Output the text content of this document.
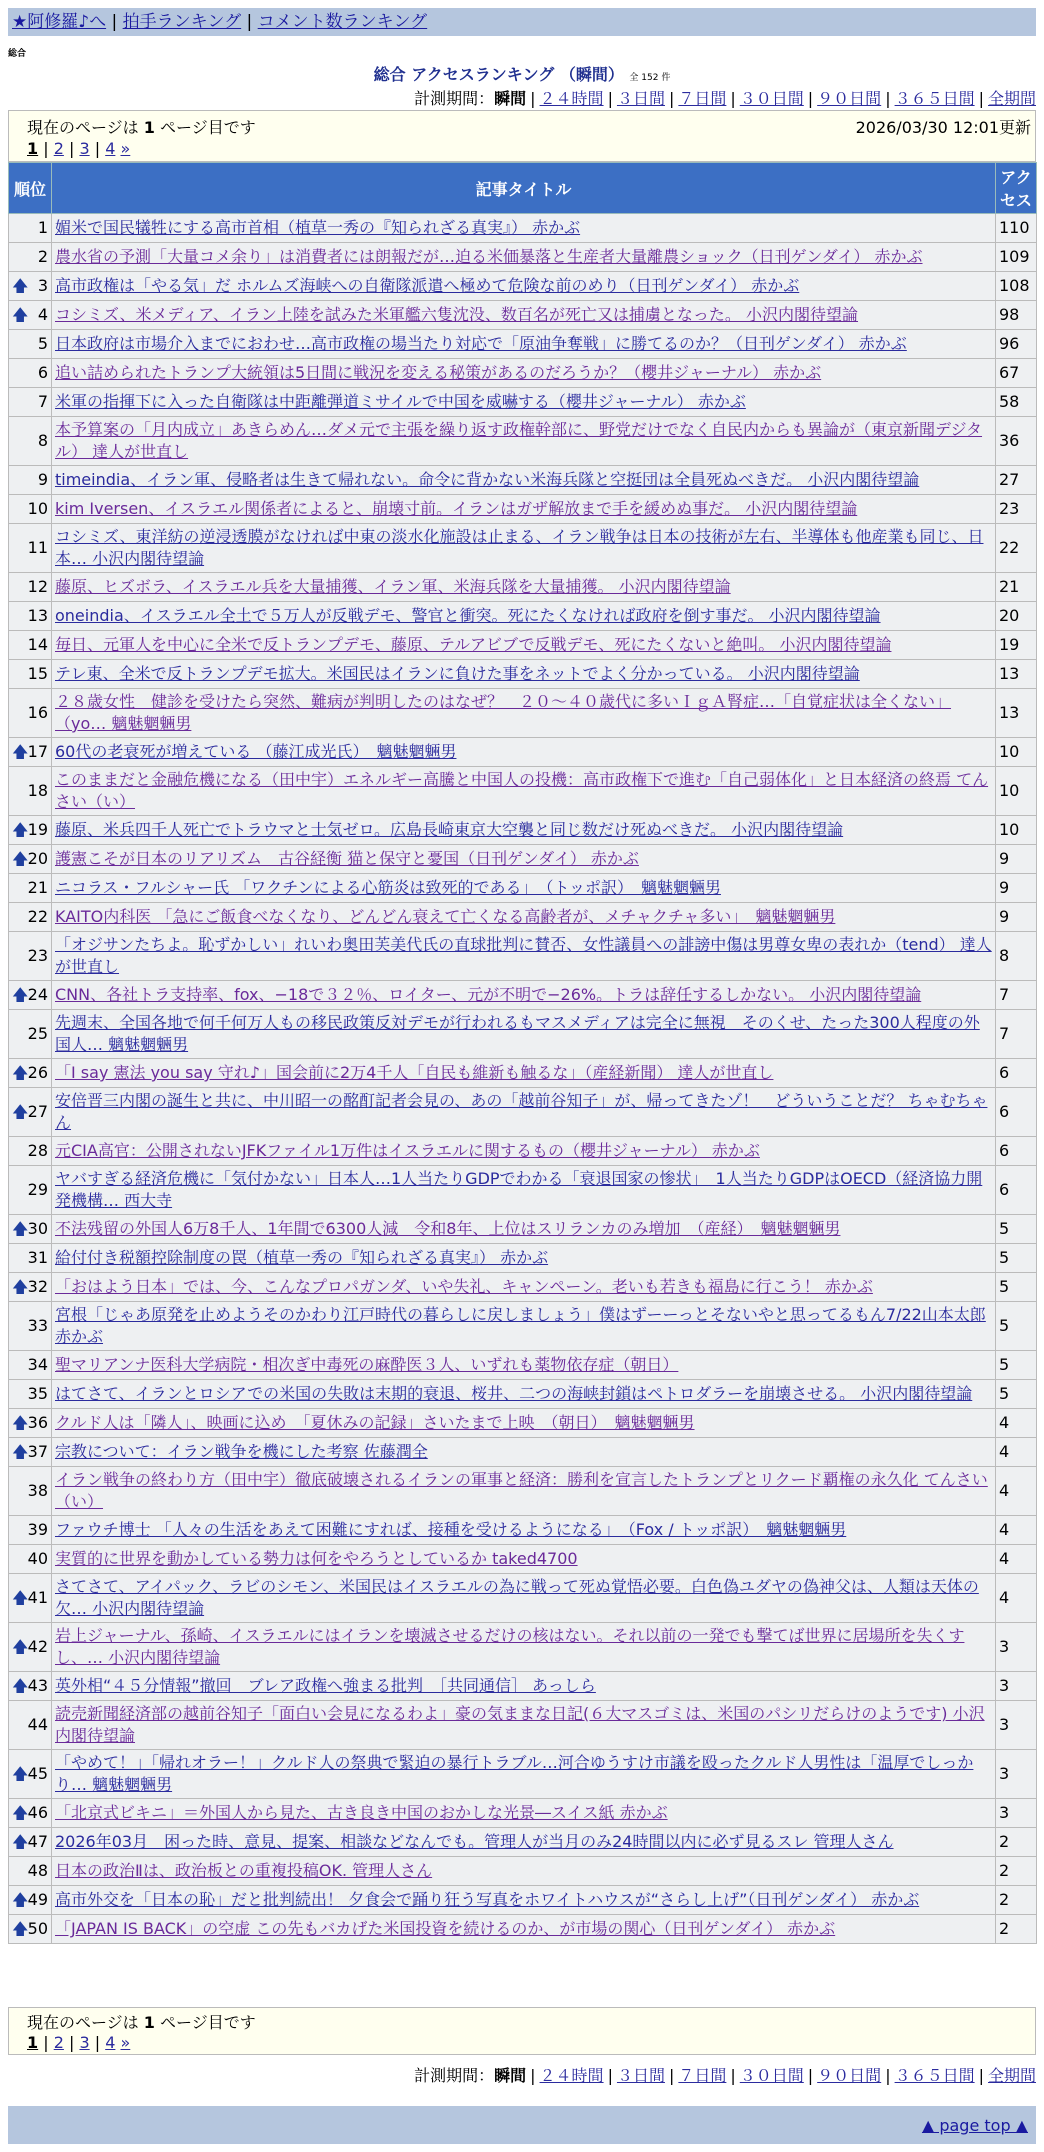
★阿修羅♪へ | 拍手ランキング | コメント数ランキング
総合
総合 アクセスランキング （瞬間） 全 152 件
計測期間：瞬間 | ２４時間 | ３日間 | ７日間 | ３０日間 | ９０日間 | ３６５日間 | 全期間
現在のページは 1 ページ目です	2026/03/30 12:01更新
1 | 2 | 3 | 4 »
順位	記事タイトル	アクセス
1	媚米で国民犠牲にする高市首相（植草一秀の『知られざる真実』） 赤かぶ	110
2	農水省の予測「大量コメ余り」は消費者には朗報だが…迫る米価暴落と生産者大量離農ショック（日刊ゲンダイ） 赤かぶ	109

🡅 3	高市政権は「やる気」だ ホルムズ海峡への自衛隊派遣へ極めて危険な前のめり（日刊ゲンダイ） 赤かぶ	108

🡅 4	コシミズ、米メディア、イラン上陸を試みた米軍艦六隻沈没、数百名が死亡又は捕虜となった。 小沢内閣待望論	98
5	日本政府は市場介入までにおわせ…高市政権の場当たり対応で「原油争奪戦」に勝てるのか？（日刊ゲンダイ） 赤かぶ	96
6	追い詰められたトランプ大統領は5日間に戦況を変える秘策があるのだろうか？（櫻井ジャーナル） 赤かぶ	67
7	米軍の指揮下に入った自衛隊は中距離弾道ミサイルで中国を威嚇する（櫻井ジャーナル） 赤かぶ	58
8	本予算案の「月内成立」あきらめん…ダメ元で主張を繰り返す政権幹部に、野党だけでなく自民内からも異論が（東京新聞デジタル） 達人が世直し	36
9	timeindia、イラン軍、侵略者は生きて帰れない。命令に背かない米海兵隊と空挺団は全員死ぬべきだ。 小沢内閣待望論	27
10	kim Iversen、イスラエル関係者によると、崩壊寸前。イランはガザ解放まで手を緩めぬ事だ。 小沢内閣待望論	23
11	コシミズ、東洋紡の逆浸透膜がなければ中東の淡水化施設は止まる、イラン戦争は日本の技術が左右、半導体も他産業も同じ、日本… 小沢内閣待望論	22
12	藤原、ヒズボラ、イスラエル兵を大量捕獲、イラン軍、米海兵隊を大量捕獲。 小沢内閣待望論	21
13	oneindia、イスラエル全土で５万人が反戦デモ、警官と衝突。死にたくなければ政府を倒す事だ。 小沢内閣待望論	20
14	毎日、元軍人を中心に全米で反トランプデモ、藤原、テルアビブで反戦デモ、死にたくないと絶叫。 小沢内閣待望論	19
15	テレ東、全米で反トランプデモ拡大。米国民はイランに負けた事をネットでよく分かっている。 小沢内閣待望論	13
16	２８歳女性　健診を受けたら突然、難病が判明したのはなぜ？　２０～４０歳代に多いＩｇＡ腎症…「自覚症状は全くない」（yo… 魑魅魍魎男	13

🡅 17	60代の老衰死が増えている （藤江成光氏）　魑魅魍魎男	10
18	このままだと金融危機になる（田中宇）エネルギー高騰と中国人の投機：高市政権下で進む「自己弱体化」と日本経済の終焉 てんさい（い）	10

🡅 19	藤原、米兵四千人死亡でトラウマと士気ゼロ。広島長崎東京大空襲と同じ数だけ死ぬべきだ。 小沢内閣待望論	10

🡅 20	護憲こそが日本のリアリズム　古谷経衡 猫と保守と憂国（日刊ゲンダイ） 赤かぶ	9
21	ニコラス・フルシャー氏 「ワクチンによる心筋炎は致死的である」　（トッポ訳）　魑魅魍魎男	9
22	KAITO内科医 「急にご飯食べなくなり、どんどん衰えて亡くなる高齢者が、メチャクチャ多い」　魑魅魍魎男	9
23	「オジサンたちよ。恥ずかしい」れいわ奥田芙美代氏の直球批判に賛否、女性議員への誹謗中傷は男尊女卑の表れか（tend） 達人が世直し	8

🡅 24	CNN、各社トラ支持率、fox、−18で３２％、ロイター、元が不明で−26%。トラは辞任するしかない。 小沢内閣待望論	7
25	先週末、全国各地で何千何万人もの移民政策反対デモが行われるもマスメディアは完全に無視　そのくせ、たった300人程度の外国人… 魑魅魍魎男	7

🡅 26	「I say 憲法 you say 守れ♪」国会前に2万4千人「自民も維新も触るな」（産経新聞） 達人が世直し	6

🡅 27	安倍晋三内閣の誕生と共に、中川昭一の酩酊記者会見の、あの「越前谷知子」が、帰ってきたゾ！　どういうことだ？ ちゃむちゃん	6
28	元CIA高官：公開されないJFKファイル1万件はイスラエルに関するもの（櫻井ジャーナル） 赤かぶ	6
29	ヤバすぎる経済危機に「気付かない」日本人…1人当たりGDPでわかる「衰退国家の惨状」　1人当たりGDPはOECD（経済協力開発機構… 西大寺	6

🡅 30	不法残留の外国人6万8千人、1年間で6300人減　令和8年、上位はスリランカのみ増加　（産経）　魑魅魍魎男	5
31	給付付き税額控除制度の罠（植草一秀の『知られざる真実』） 赤かぶ	5

🡅 32	「おはよう日本」では、今、こんなプロパガンダ、いや失礼、キャンペーン。老いも若きも福島に行こう！ 赤かぶ	5
33	宮根「じゃあ原発を止めようそのかわり江戸時代の暮らしに戻しましょう」僕はずーーっとそないやと思ってるもん7/22山本太郎 赤かぶ	5
34	聖マリアンナ医科大学病院・相次ぎ中毒死の麻酔医３人、いずれも薬物依存症（朝日）	5
35	はてさて、イランとロシアでの米国の失敗は末期的衰退、桜井、二つの海峡封鎖はペトロダラーを崩壊させる。 小沢内閣待望論	5

🡅 36	クルド人は「隣人」、映画に込め　「夏休みの記録」さいたまで上映　（朝日）　魑魅魍魎男	4

🡅 37	宗教について：イラン戦争を機にした考察 佐藤潤全	4
38	イラン戦争の終わり方（田中宇）徹底破壊されるイランの軍事と経済：勝利を宣言したトランプとリクード覇権の永久化 てんさい（い）	4
39	ファウチ博士 「人々の生活をあえて困難にすれば、接種を受けるようになる」　（Fox / トッポ訳）　魑魅魍魎男	4
40	実質的に世界を動かしている勢力は何をやろうとしているか taked4700	4

🡅 41	さてさて、アイパック、ラビのシモン、米国民はイスラエルの為に戦って死ぬ覚悟必要。白色偽ユダヤの偽神父は、人類は天体の欠… 小沢内閣待望論	4

🡅 42	岩上ジャーナル、孫崎、イスラエルにはイランを壊滅させるだけの核はない。それ以前の一発でも撃てば世界に居場所を失くすし、… 小沢内閣待望論	3

🡅 43	英外相“４５分情報”撤回　ブレア政権へ強まる批判　［共同通信］ あっしら	3
44	読売新聞経済部の越前谷知子「面白い会見になるわよ」豪の気ままな日記(６大マスゴミは、米国のパシリだらけのようです) 小沢内閣待望論	3

🡅 45	「やめて！」「帰れオラー！」クルド人の祭典で緊迫の暴行トラブル…河合ゆうすけ市議を殴ったクルド人男性は「温厚でしっかり… 魑魅魍魎男	3

🡅 46	「北京式ビキニ」＝外国人から見た、古き良き中国のおかしな光景―スイス紙 赤かぶ	3

🡅 47	2026年03月　困った時、意見、提案、相談などなんでも。管理人が当月のみ24時間以内に必ず見るスレ 管理人さん	2
48	日本の政治Ⅱは、政治板との重複投稿OK. 管理人さん	2

🡅 49	高市外交を「日本の恥」だと批判続出！ 夕食会で踊り狂う写真をホワイトハウスが“さらし上げ”（日刊ゲンダイ） 赤かぶ	2

🡅 50	「JAPAN IS BACK」の空虚 この先もバカげた米国投資を続けるのか、が市場の関心（日刊ゲンダイ） 赤かぶ	2
現在のページは 1 ページ目です
1 | 2 | 3 | 4 »
計測期間：瞬間 | ２４時間 | ３日間 | ７日間 | ３０日間 | ９０日間 | ３６５日間 | 全期間
▲ page top ▲
